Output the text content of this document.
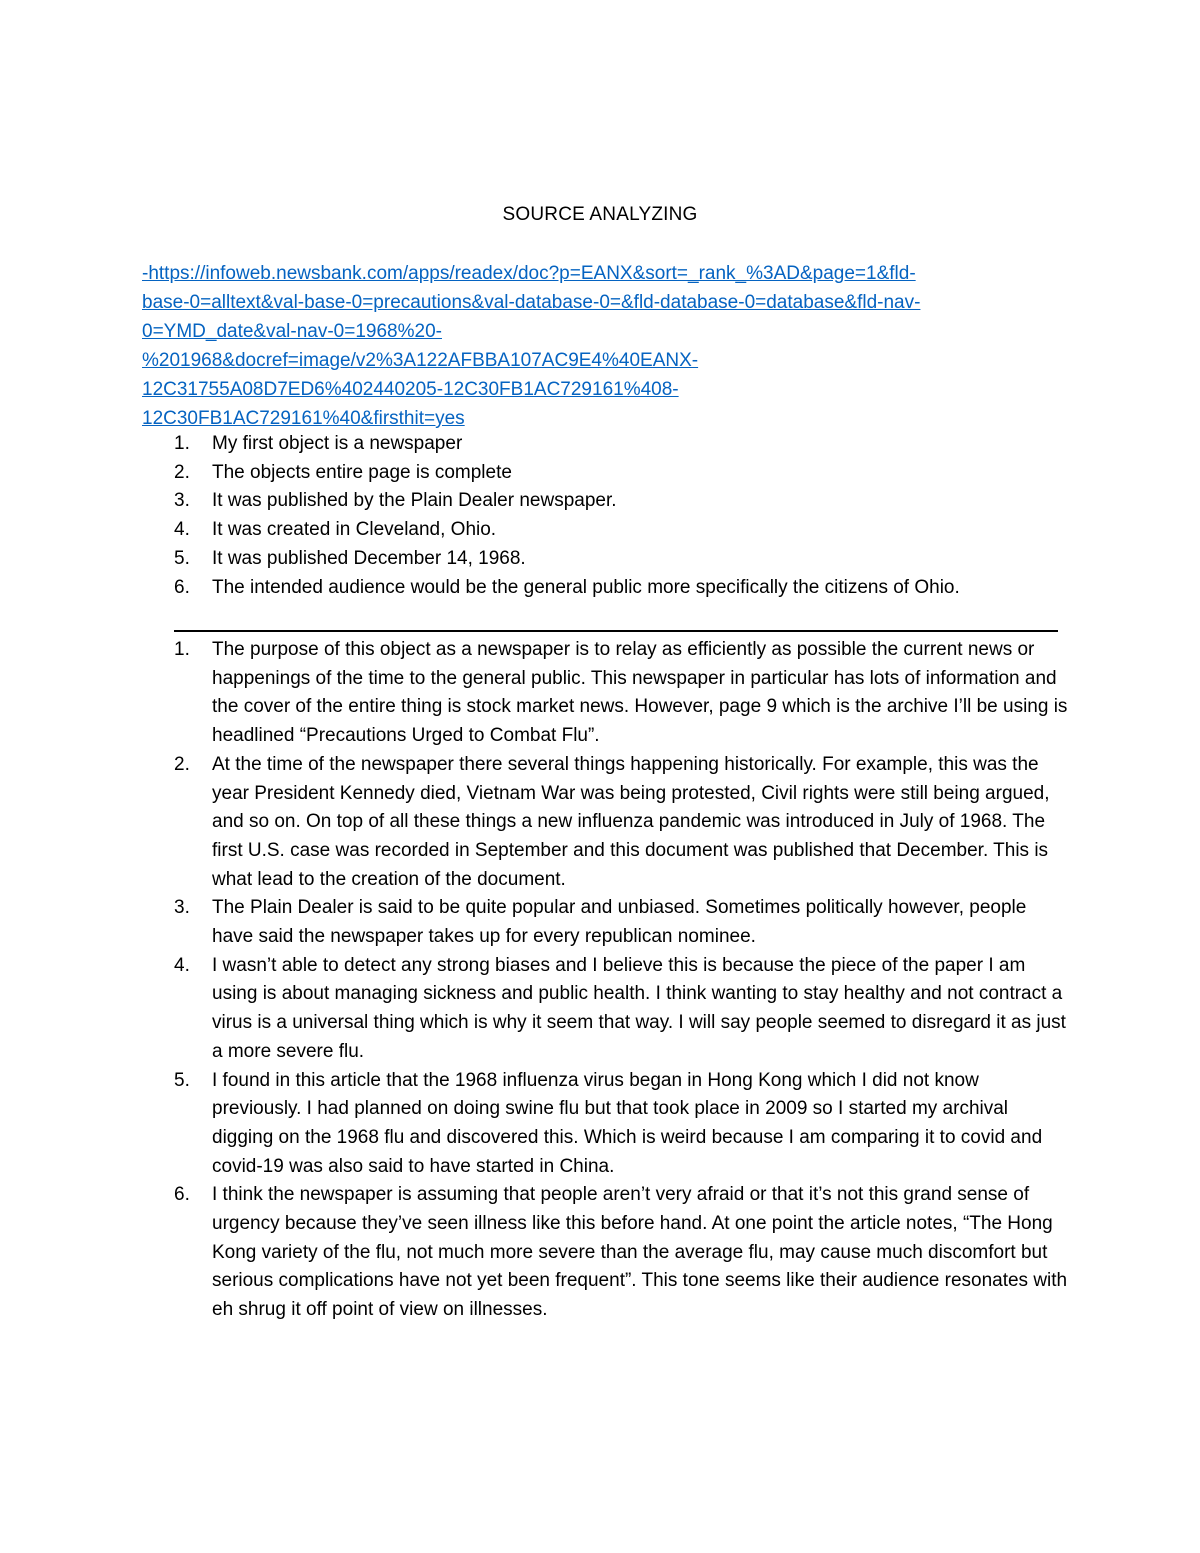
SOURCE ANALYZING
-https://infoweb.newsbank.com/apps/readex/doc?p=EANX&sort=_rank_%3AD&page=1&fld-
base-0=alltext&val-base-0=precautions&val-database-0=&fld-database-0=database&fld-nav-
0=YMD_date&val-nav-0=1968%20-
%201968&docref=image/v2%3A122AFBBA107AC9E4%40EANX-
12C31755A08D7ED6%402440205-12C30FB1AC729161%408-
12C30FB1AC729161%40&firsthit=yes
1. My first object is a newspaper
2. The objects entire page is complete
3. It was published by the Plain Dealer newspaper.
4. It was created in Cleveland, Ohio.
5. It was published December 14, 1968.
6. The intended audience would be the general public more specifically the citizens of Ohio.
1. The purpose of this object as a newspaper is to relay as efficiently as possible the current news or happenings of the time to the general public. This newspaper in particular has lots of information and the cover of the entire thing is stock market news. However, page 9 which is the archive I’ll be using is headlined “Precautions Urged to Combat Flu”.
2. At the time of the newspaper there several things happening historically. For example, this was the year President Kennedy died, Vietnam War was being protested, Civil rights were still being argued, and so on. On top of all these things a new influenza pandemic was introduced in July of 1968. The first U.S. case was recorded in September and this document was published that December. This is what lead to the creation of the document.
3. The Plain Dealer is said to be quite popular and unbiased. Sometimes politically however, people have said the newspaper takes up for every republican nominee.
4. I wasn’t able to detect any strong biases and I believe this is because the piece of the paper I am using is about managing sickness and public health. I think wanting to stay healthy and not contract a virus is a universal thing which is why it seem that way. I will say people seemed to disregard it as just a more severe flu.
5. I found in this article that the 1968 influenza virus began in Hong Kong which I did not know previously. I had planned on doing swine flu but that took place in 2009 so I started my archival digging on the 1968 flu and discovered this. Which is weird because I am comparing it to covid and covid-19 was also said to have started in China.
6. I think the newspaper is assuming that people aren’t very afraid or that it’s not this grand sense of urgency because they’ve seen illness like this before hand. At one point the article notes, “The Hong Kong variety of the flu, not much more severe than the average flu, may cause much discomfort but serious complications have not yet been frequent”. This tone seems like their audience resonates with eh shrug it off point of view on illnesses.
